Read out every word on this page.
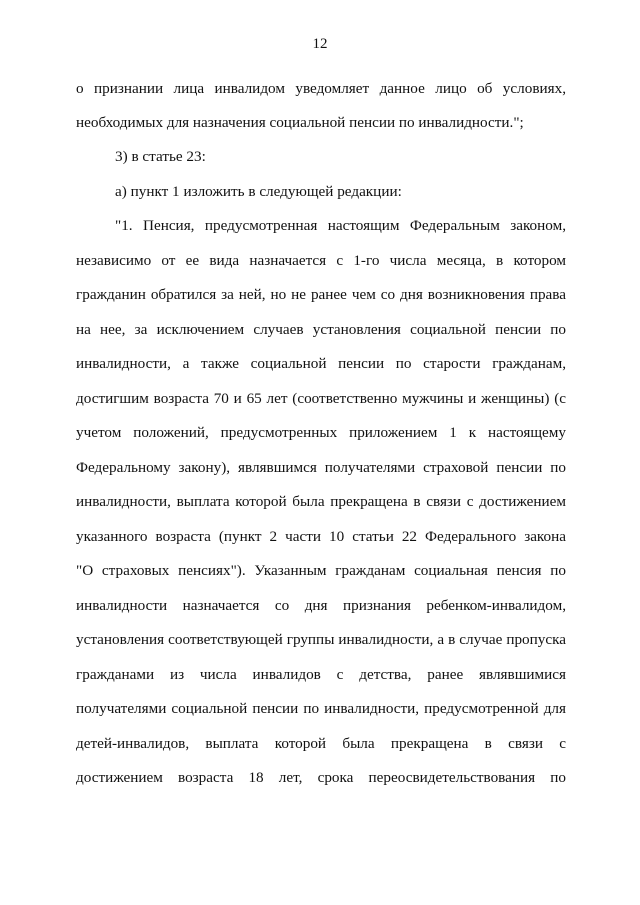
12
о признании лица инвалидом уведомляет данное лицо об условиях,
необходимых для назначения социальной пенсии по инвалидности.";
3) в статье 23:
а) пункт 1 изложить в следующей редакции:
"1. Пенсия, предусмотренная настоящим Федеральным законом,
независимо от ее вида назначается с 1-го числа месяца, в котором
гражданин обратился за ней, но не ранее чем со дня возникновения права
на нее, за исключением случаев установления социальной пенсии по
инвалидности, а также социальной пенсии по старости гражданам,
достигшим возраста 70 и 65 лет (соответственно мужчины и женщины) (с
учетом положений, предусмотренных приложением 1 к настоящему
Федеральному закону), являвшимся получателями страховой пенсии по
инвалидности, выплата которой была прекращена в связи с достижением
указанного возраста (пункт 2 части 10 статьи 22 Федерального закона
"О страховых пенсиях"). Указанным гражданам социальная пенсия по
инвалидности назначается со дня признания ребенком-инвалидом,
установления соответствующей группы инвалидности, а в случае пропуска
гражданами из числа инвалидов с детства, ранее являвшимися
получателями социальной пенсии по инвалидности, предусмотренной для
детей-инвалидов, выплата которой была прекращена в связи с
достижением возраста 18 лет, срока переосвидетельствования по
